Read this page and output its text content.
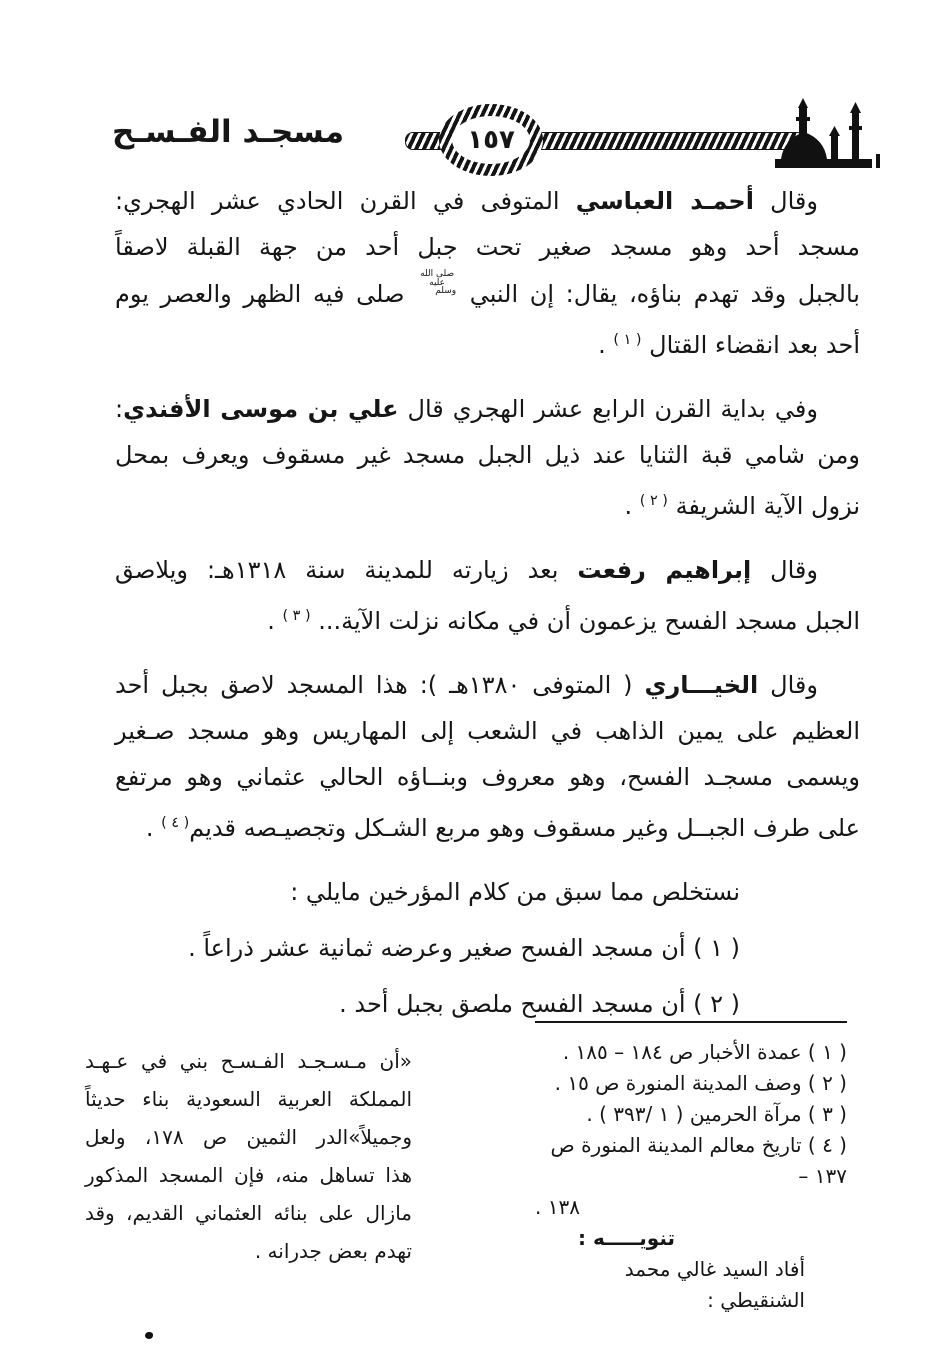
مسجـد الفـسـح	١٥٧
وقال أحمـد العباسي المتوفى في القرن الحادي عشر الهجري:
مسجد أحد وهو مسجد صغير تحت جبل أحد من جهة القبلة لاصقاً
بالجبل وقد تهدم بناؤه، يقال: إن النبي صلى الله عليه وسلم صلى فيه الظهر والعصر يوم
أحد بعد انقضاء القتال $^{( ١ )}$ .
وفي بداية القرن الرابع عشر الهجري قال علي بن موسى الأفندي:
ومن شامي قبة الثنايا عند ذيل الجبل مسجد غير مسقوف ويعرف بمحل
نزول الآية الشريفة $^{( ٢ )}$ .
وقال إبراهيم رفعت بعد زيارته للمدينة سنة ١٣١٨هـ: ويلاصق
الجبل مسجد الفسح يزعمون أن في مكانه نزلت الآية... $^{( ٣ )}$ .
وقال الخيـــاري ( المتوفى ١٣٨٠هـ ): هذا المسجد لاصق بجبل أحد
العظيم على يمين الذاهب في الشعب إلى المهاريس وهو مسجد صـغير
ويسمى مسجـد الفسح، وهو معروف وبنــاؤه الحالي عثماني وهو مرتفع
على طرف الجبــل وغير مسقوف وهو مربع الشـكل وتجصيـصه قديم$^{( ٤ )}$ .
نستخلص مما سبق من كلام المؤرخين مايلي :
( ١ ) أن مسجد الفسح صغير وعرضه ثمانية عشر ذراعاً .
( ٢ ) أن مسجد الفسح ملصق بجبل أحد .
( ١ ) عمدة الأخبار ص ١٨٤ – ١٨٥ .
( ٢ ) وصف المدينة المنورة ص ١٥ .
( ٣ ) مرآة الحرمين ( ١ /٣٩٣ ) .
( ٤ ) تاريخ معالم المدينة المنورة ص ١٣٧ –
١٣٨ .
تنويـــــه :
أفاد السيد غالي محمد الشنقيطي :
«أن مـسـجـد الفـسـح بني في عـهـد
المملكة العربية السعودية بناء حديثاً
وجميلاً»الدر الثمين ص ١٧٨، ولعل
هذا تساهل منه، فإن المسجد المذكور
مازال على بنائه العثماني القديم، وقد
تهدم بعض جدرانه .
